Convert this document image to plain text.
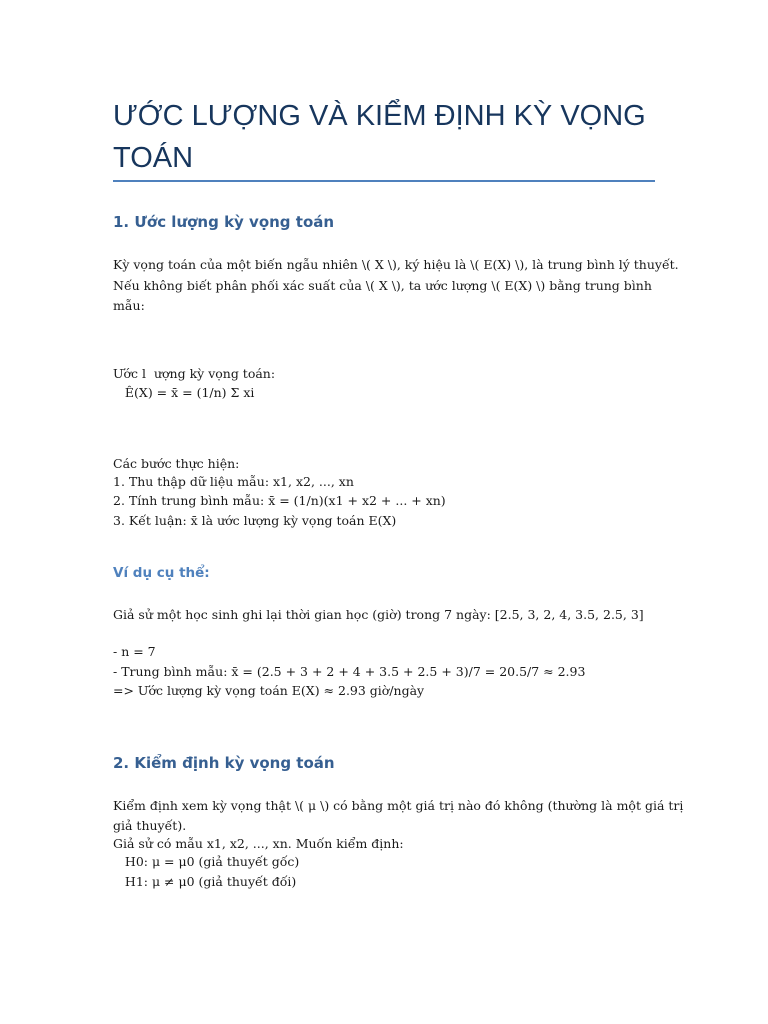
ƯỚC LƯỢNG VÀ KIỂM ĐỊNH KỲ VỌNG
TOÁN
1. Ước lượng kỳ vọng toán
Kỳ vọng toán của một biến ngẫu nhiên \( X \), ký hiệu là \( E(X) \), là trung bình lý thuyết.
Nếu không biết phân phối xác suất của \( X \), ta ước lượng \( E(X) \) bằng trung bình
mẫu:
Ước l  ượng kỳ vọng toán:
Ê(X) = x̄ = (1/n) Σ xi
Các bước thực hiện:
1. Thu thập dữ liệu mẫu: x1, x2, ..., xn
2. Tính trung bình mẫu: x̄ = (1/n)(x1 + x2 + ... + xn)
3. Kết luận: x̄ là ước lượng kỳ vọng toán E(X)
Ví dụ cụ thể:
Giả sử một học sinh ghi lại thời gian học (giờ) trong 7 ngày: [2.5, 3, 2, 4, 3.5, 2.5, 3]
- n = 7
- Trung bình mẫu: x̄ = (2.5 + 3 + 2 + 4 + 3.5 + 2.5 + 3)/7 = 20.5/7 ≈ 2.93
=> Ước lượng kỳ vọng toán E(X) ≈ 2.93 giờ/ngày
2. Kiểm định kỳ vọng toán
Kiểm định xem kỳ vọng thật \( μ \) có bằng một giá trị nào đó không (thường là một giá trị
giả thuyết).
Giả sử có mẫu x1, x2, ..., xn. Muốn kiểm định:
H0: μ = μ0 (giả thuyết gốc)
H1: μ ≠ μ0 (giả thuyết đối)
